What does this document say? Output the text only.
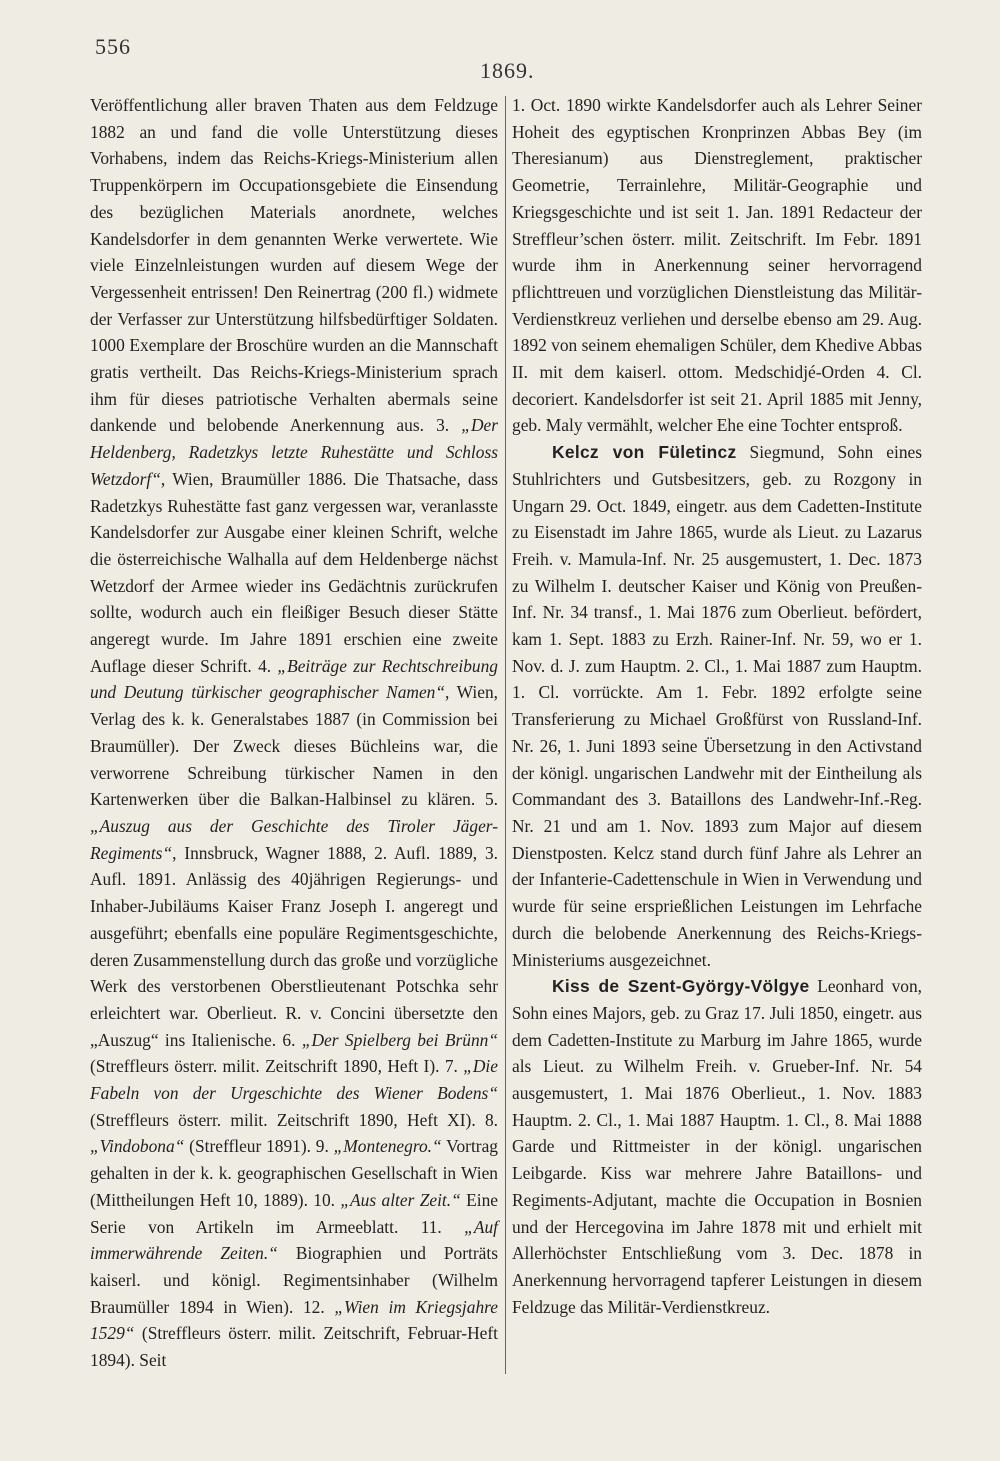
556
1869.

Veröffentlichung aller braven Thaten aus dem Feldzuge 1882 an und fand die volle Unterstützung dieses Vorhabens, indem das Reichs-Kriegs-Ministerium allen Truppenkörpern im Occupationsgebiete die Einsendung des bezüglichen Materials anordnete, welches Kandelsdorfer in dem genannten Werke verwertete. Wie viele Einzelnleistungen wurden auf diesem Wege der Vergessenheit entrissen! Den Reinertrag (200 fl.) widmete der Verfasser zur Unterstützung hilfsbedürftiger Soldaten. 1000 Exemplare der Broschüre wurden an die Mannschaft gratis vertheilt. Das Reichs-Kriegs-Ministerium sprach ihm für dieses patriotische Verhalten abermals seine dankende und belobende Anerkennung aus. 3. „Der Heldenberg, Radetzkys letzte Ruhestätte und Schloss Wetzdorf“, Wien, Braumüller 1886. Die Thatsache, dass Radetzkys Ruhestätte fast ganz vergessen war, veranlasste Kandelsdorfer zur Ausgabe einer kleinen Schrift, welche die österreichische Walhalla auf dem Heldenberge nächst Wetzdorf der Armee wieder ins Gedächtnis zurückrufen sollte, wodurch auch ein fleißiger Besuch dieser Stätte angeregt wurde. Im Jahre 1891 erschien eine zweite Auflage dieser Schrift. 4. „Beiträge zur Rechtschreibung und Deutung türkischer geographischer Namen“, Wien, Verlag des k. k. Generalstabes 1887 (in Commission bei Braumüller). Der Zweck dieses Büchleins war, die verworrene Schreibung türkischer Namen in den Kartenwerken über die Balkan-Halbinsel zu klären. 5. „Auszug aus der Geschichte des Tiroler Jäger-Regiments“, Innsbruck, Wagner 1888, 2. Aufl. 1889, 3. Aufl. 1891. Anlässig des 40jährigen Regierungs- und Inhaber-Jubiläums Kaiser Franz Joseph I. angeregt und ausgeführt; ebenfalls eine populäre Regimentsgeschichte, deren Zusammenstellung durch das große und vorzügliche Werk des verstorbenen Oberstlieutenant Potschka sehr erleichtert war. Oberlieut. R. v. Concini übersetzte den „Auszug“ ins Italienische. 6. „Der Spielberg bei Brünn“ (Streffleurs österr. milit. Zeitschrift 1890, Heft I). 7. „Die Fabeln von der Urgeschichte des Wiener Bodens“ (Streffleurs österr. milit. Zeitschrift 1890, Heft XI). 8. „Vindobona“ (Streffleur 1891). 9. „Montenegro.“ Vortrag gehalten in der k. k. geographischen Gesellschaft in Wien (Mittheilungen Heft 10, 1889). 10. „Aus alter Zeit.“ Eine Serie von Artikeln im Armeeblatt. 11. „Auf immerwährende Zeiten.“ Biographien und Porträts kaiserl. und königl. Regimentsinhaber (Wilhelm Braumüller 1894 in Wien). 12. „Wien im Kriegsjahre 1529“ (Streffleurs österr. milit. Zeitschrift, Februar-Heft 1894). Seit

1. Oct. 1890 wirkte Kandelsdorfer auch als Lehrer Seiner Hoheit des egyptischen Kronprinzen Abbas Bey (im Theresianum) aus Dienstreglement, praktischer Geometrie, Terrainlehre, Militär-Geographie und Kriegsgeschichte und ist seit 1. Jan. 1891 Redacteur der Streffleur’schen österr. milit. Zeitschrift. Im Febr. 1891 wurde ihm in Anerkennung seiner hervorragend pflichttreuen und vorzüglichen Dienstleistung das Militär-Verdienstkreuz verliehen und derselbe ebenso am 29. Aug. 1892 von seinem ehemaligen Schüler, dem Khedive Abbas II. mit dem kaiserl. ottom. Medschidjé-Orden 4. Cl. decoriert. Kandelsdorfer ist seit 21. April 1885 mit Jenny, geb. Maly vermählt, welcher Ehe eine Tochter entsproß.

Kelcz von Fületincz Siegmund, Sohn eines Stuhlrichters und Gutsbesitzers, geb. zu Rozgony in Ungarn 29. Oct. 1849, eingetr. aus dem Cadetten-Institute zu Eisenstadt im Jahre 1865, wurde als Lieut. zu Lazarus Freih. v. Mamula-Inf. Nr. 25 ausgemustert, 1. Dec. 1873 zu Wilhelm I. deutscher Kaiser und König von Preußen-Inf. Nr. 34 transf., 1. Mai 1876 zum Oberlieut. befördert, kam 1. Sept. 1883 zu Erzh. Rainer-Inf. Nr. 59, wo er 1. Nov. d. J. zum Hauptm. 2. Cl., 1. Mai 1887 zum Hauptm. 1. Cl. vorrückte. Am 1. Febr. 1892 erfolgte seine Transferierung zu Michael Großfürst von Russland-Inf. Nr. 26, 1. Juni 1893 seine Übersetzung in den Activstand der königl. ungarischen Landwehr mit der Eintheilung als Commandant des 3. Bataillons des Landwehr-Inf.-Reg. Nr. 21 und am 1. Nov. 1893 zum Major auf diesem Dienstposten. Kelcz stand durch fünf Jahre als Lehrer an der Infanterie-Cadettenschule in Wien in Verwendung und wurde für seine ersprießlichen Leistungen im Lehrfache durch die belobende Anerkennung des Reichs-Kriegs-Ministeriums ausgezeichnet.

Kiss de Szent-György-Völgye Leonhard von, Sohn eines Majors, geb. zu Graz 17. Juli 1850, eingetr. aus dem Cadetten-Institute zu Marburg im Jahre 1865, wurde als Lieut. zu Wilhelm Freih. v. Grueber-Inf. Nr. 54 ausgemustert, 1. Mai 1876 Oberlieut., 1. Nov. 1883 Hauptm. 2. Cl., 1. Mai 1887 Hauptm. 1. Cl., 8. Mai 1888 Garde und Rittmeister in der königl. ungarischen Leibgarde. Kiss war mehrere Jahre Bataillons- und Regiments-Adjutant, machte die Occupation in Bosnien und der Hercegovina im Jahre 1878 mit und erhielt mit Allerhöchster Entschließung vom 3. Dec. 1878 in Anerkennung hervorragend tapferer Leistungen in diesem Feldzuge das Militär-Verdienstkreuz.
